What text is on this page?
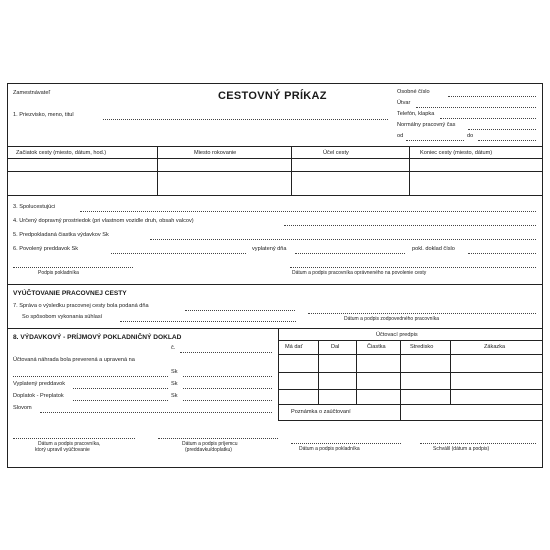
Zamestnávateľ	CESTOVNÝ PRÍKAZ	Osobné číslo
Útvar
Telefón, klapka
Normálny pracovný čas
od	do
1. Priezvisko, meno, titul
Začiatok cesty (miesto, dátum, hod.)	Miesto rokovanie	Účel cesty	Koniec cesty (miesto, dátum)
3. Spolucestujúci
4. Určený dopravný prostriedok (pri vlastnom vozidle druh, obsah valcov)
5. Predpokladaná čiastka výdavkov Sk
6. Povolený preddavok Sk	vyplatený dňa	pokl. doklad číslo
Podpis pokladníka	Dátum a podpis pracovníka oprávneného na povolenie cesty
VYÚČTOVANIE PRACOVNEJ CESTY
7. Správa o výsledku pracovnej cesty bola podaná dňa
So spôsobom vykonania súhlasí	Dátum a podpis zodpovedného pracovníka
8. VÝDAVKOVÝ - PRÍJMOVÝ POKLADNIČNÝ DOKLAD
č.
Účtovaná náhrada bola preverená a upravená na
Sk
Vyplatený preddavok	Sk
Doplatok - Preplatok	Sk
Slovom
Účtovací predpis
Má dať	Dal	Čiastka	Stredisko	Zákazka
Poznámka o zaúčtovaní
Dátum a podpis pracovníka,
ktorý upravil vyúčtovanie
Dátum a podpis príjemcu
(preddavku/doplatku)	Dátum a podpis pokladníka	Schválil (dátum a podpis)
